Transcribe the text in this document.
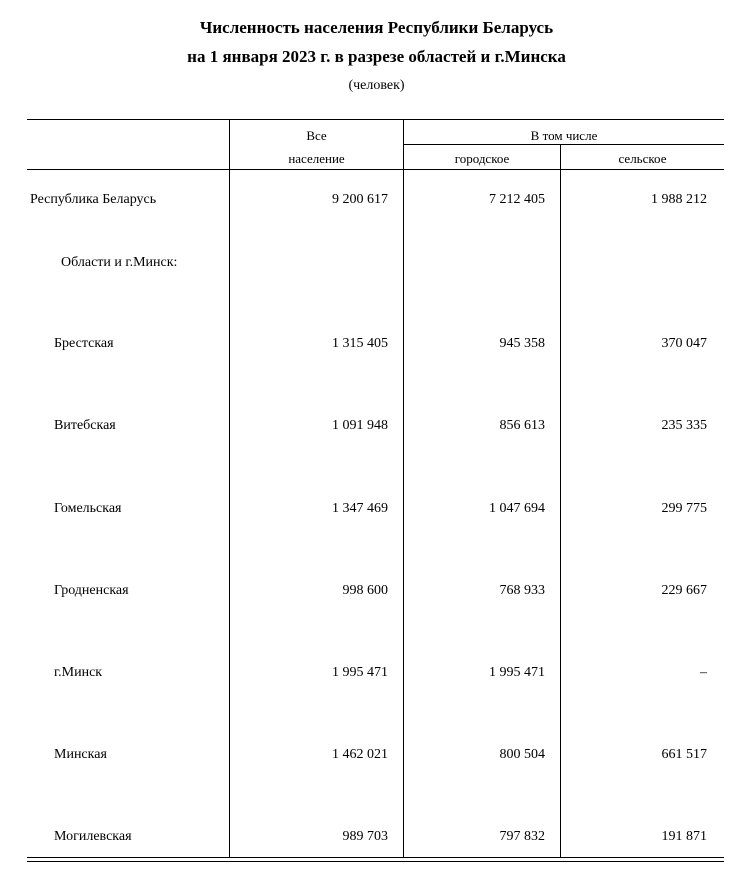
Численность населения Республики Беларусь
на 1 января 2023 г. в разрезе областей и г.Минска
(человек)
Все
население
В том числе
городское	сельское
Республика Беларусь	9 200 617	7 212 405	1 988 212
Области и г.Минск:
Брестская	1 315 405	945 358	370 047
Витебская	1 091 948	856 613	235 335
Гомельская	1 347 469	1 047 694	299 775
Гродненская	998 600	768 933	229 667
г.Минск	1 995 471	1 995 471	–
Минская	1 462 021	800 504	661 517
Могилевская	989 703	797 832	191 871
